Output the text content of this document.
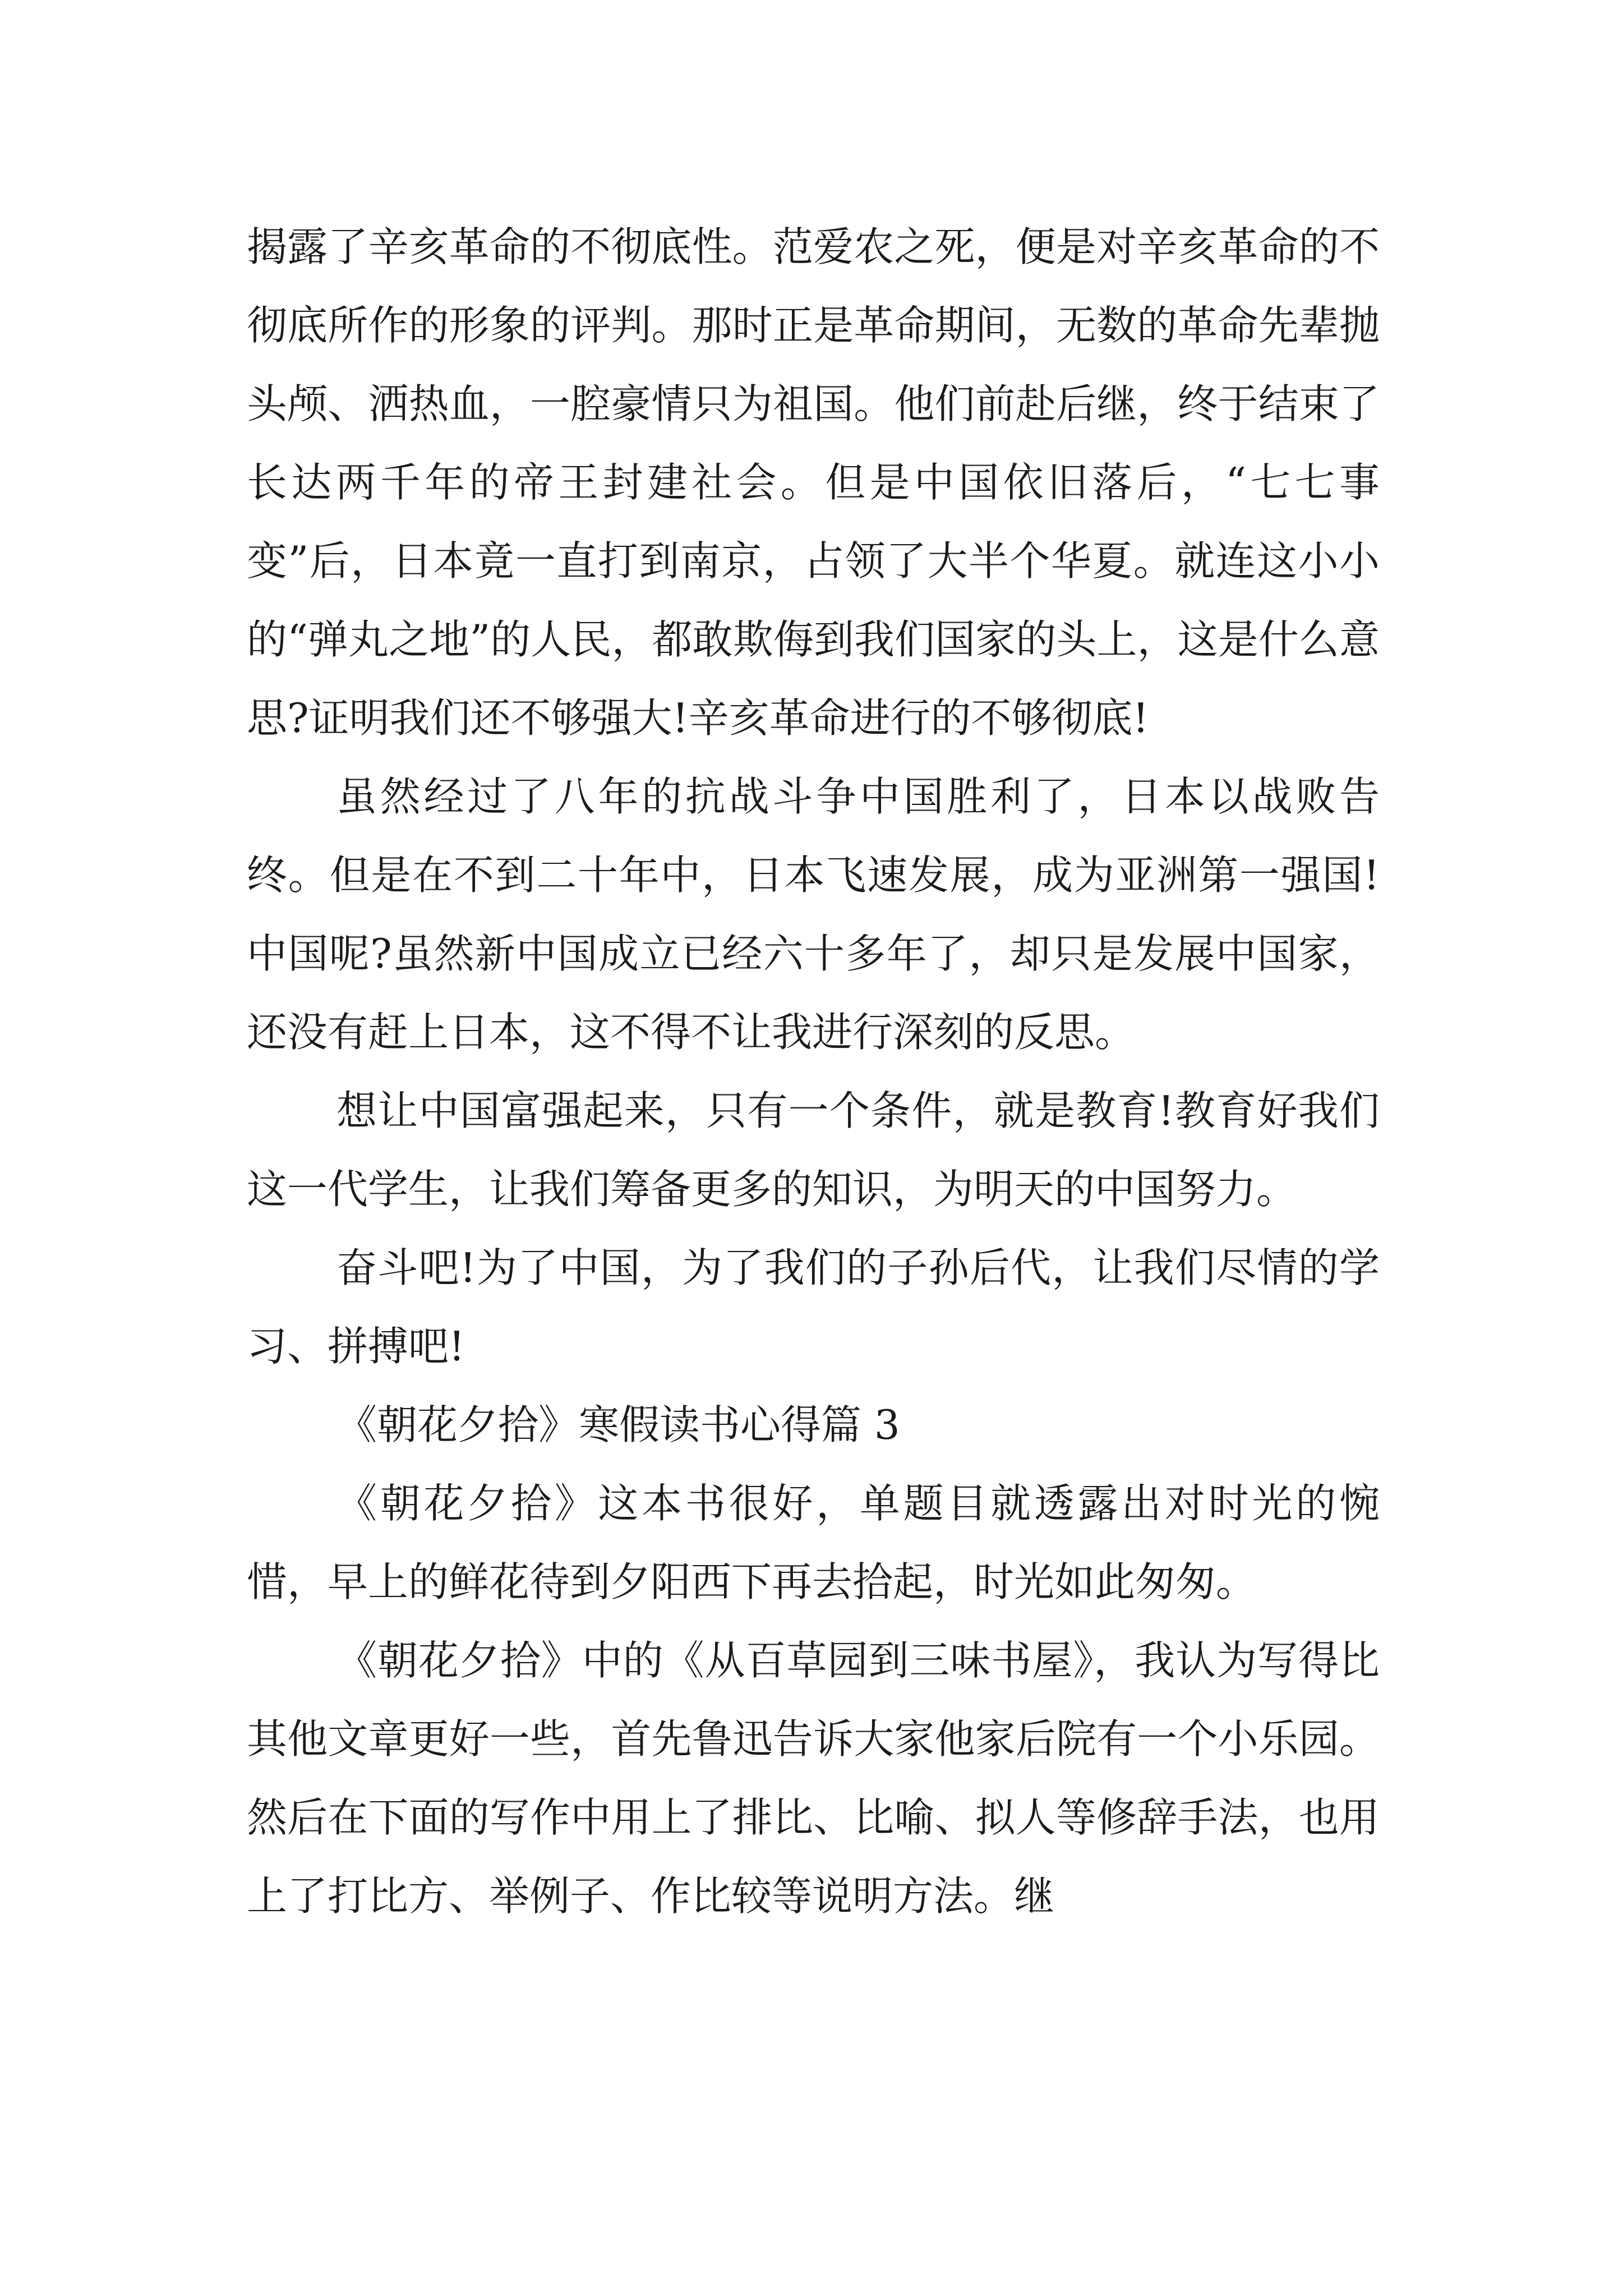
揭露了辛亥革命的不彻底性。范爱农之死，便是对辛亥革命的不彻底所作的形象的评判。那时正是革命期间，无数的革命先辈抛头颅、洒热血，一腔豪情只为祖国。他们前赴后继，终于结束了长达两千年的帝王封建社会。但是中国依旧落后，“七七事变”后，日本竟一直打到南京，占领了大半个华夏。就连这小小的“弹丸之地”的人民，都敢欺侮到我们国家的头上，这是什么意思?证明我们还不够强大!辛亥革命进行的不够彻底!

虽然经过了八年的抗战斗争中国胜利了，日本以战败告终。但是在不到二十年中，日本飞速发展，成为亚洲第一强国!中国呢?虽然新中国成立已经六十多年了，却只是发展中国家，还没有赶上日本，这不得不让我进行深刻的反思。

想让中国富强起来，只有一个条件，就是教育!教育好我们这一代学生，让我们筹备更多的知识，为明天的中国努力。

奋斗吧!为了中国，为了我们的子孙后代，让我们尽情的学习、拼搏吧!

《朝花夕拾》寒假读书心得篇 3

《朝花夕拾》这本书很好，单题目就透露出对时光的惋惜，早上的鲜花待到夕阳西下再去拾起，时光如此匆匆。

《朝花夕拾》中的《从百草园到三味书屋》，我认为写得比其他文章更好一些，首先鲁迅告诉大家他家后院有一个小乐园。然后在下面的写作中用上了排比、比喻、拟人等修辞手法，也用上了打比方、举例子、作比较等说明方法。继
